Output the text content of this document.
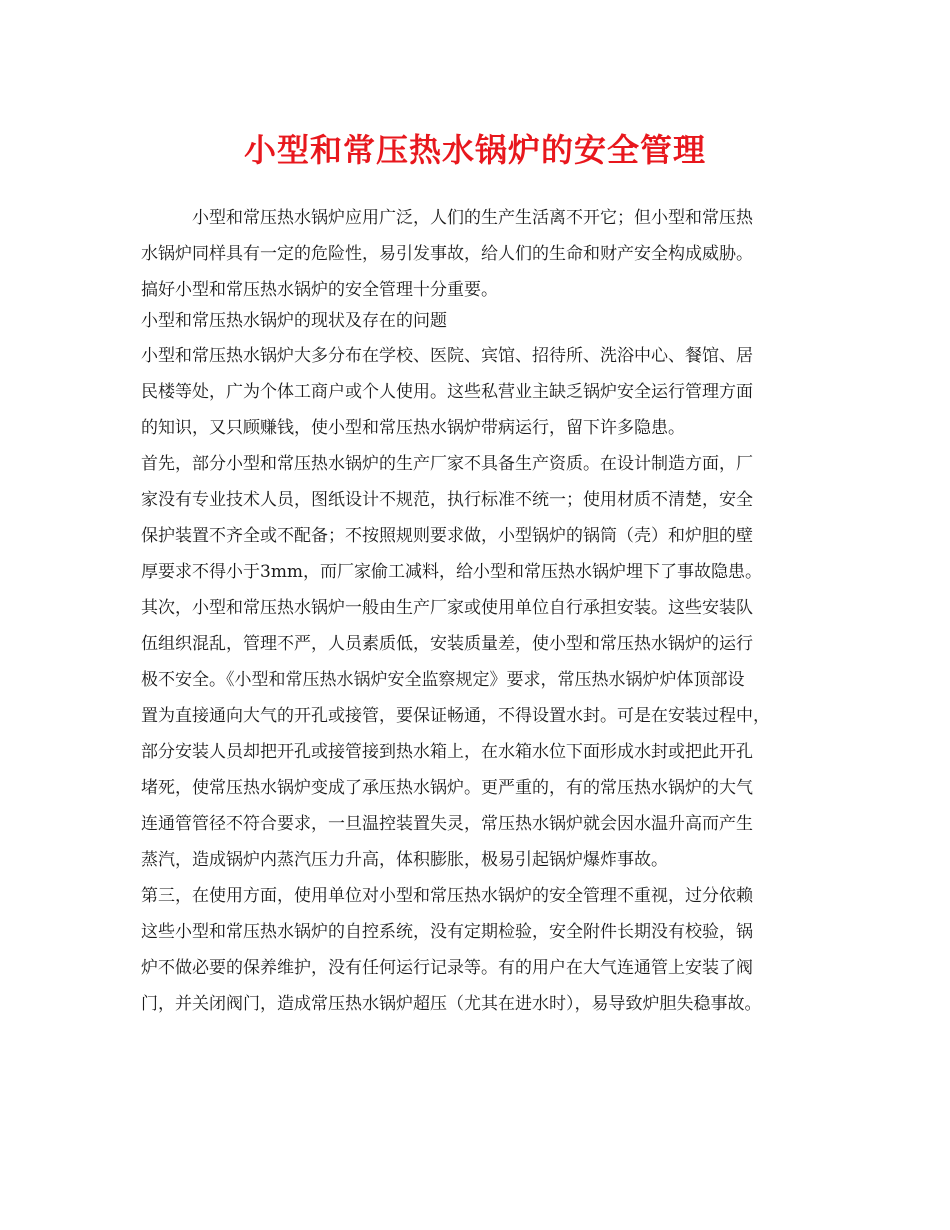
小型和常压热水锅炉的安全管理
　　　小型和常压热水锅炉应用广泛，人们的生产生活离不开它；但小型和常压热
水锅炉同样具有一定的危险性，易引发事故，给人们的生命和财产安全构成威胁。
搞好小型和常压热水锅炉的安全管理十分重要。
小型和常压热水锅炉的现状及存在的问题
小型和常压热水锅炉大多分布在学校、医院、宾馆、招待所、洗浴中心、餐馆、居
民楼等处，广为个体工商户或个人使用。这些私营业主缺乏锅炉安全运行管理方面
的知识，又只顾赚钱，使小型和常压热水锅炉带病运行，留下许多隐患。
首先，部分小型和常压热水锅炉的生产厂家不具备生产资质。在设计制造方面，厂
家没有专业技术人员，图纸设计不规范，执行标准不统一；使用材质不清楚，安全
保护装置不齐全或不配备；不按照规则要求做，小型锅炉的锅筒（壳）和炉胆的壁
厚要求不得小于3mm，而厂家偷工减料，给小型和常压热水锅炉埋下了事故隐患。
其次，小型和常压热水锅炉一般由生产厂家或使用单位自行承担安装。这些安装队
伍组织混乱，管理不严，人员素质低，安装质量差，使小型和常压热水锅炉的运行
极不安全。《小型和常压热水锅炉安全监察规定》要求，常压热水锅炉炉体顶部设
置为直接通向大气的开孔或接管，要保证畅通，不得设置水封。可是在安装过程中，
部分安装人员却把开孔或接管接到热水箱上，在水箱水位下面形成水封或把此开孔
堵死，使常压热水锅炉变成了承压热水锅炉。更严重的，有的常压热水锅炉的大气
连通管管径不符合要求，一旦温控装置失灵，常压热水锅炉就会因水温升高而产生
蒸汽，造成锅炉内蒸汽压力升高，体积膨胀，极易引起锅炉爆炸事故。
第三，在使用方面，使用单位对小型和常压热水锅炉的安全管理不重视，过分依赖
这些小型和常压热水锅炉的自控系统，没有定期检验，安全附件长期没有校验，锅
炉不做必要的保养维护，没有任何运行记录等。有的用户在大气连通管上安装了阀
门，并关闭阀门，造成常压热水锅炉超压（尤其在进水时），易导致炉胆失稳事故。
